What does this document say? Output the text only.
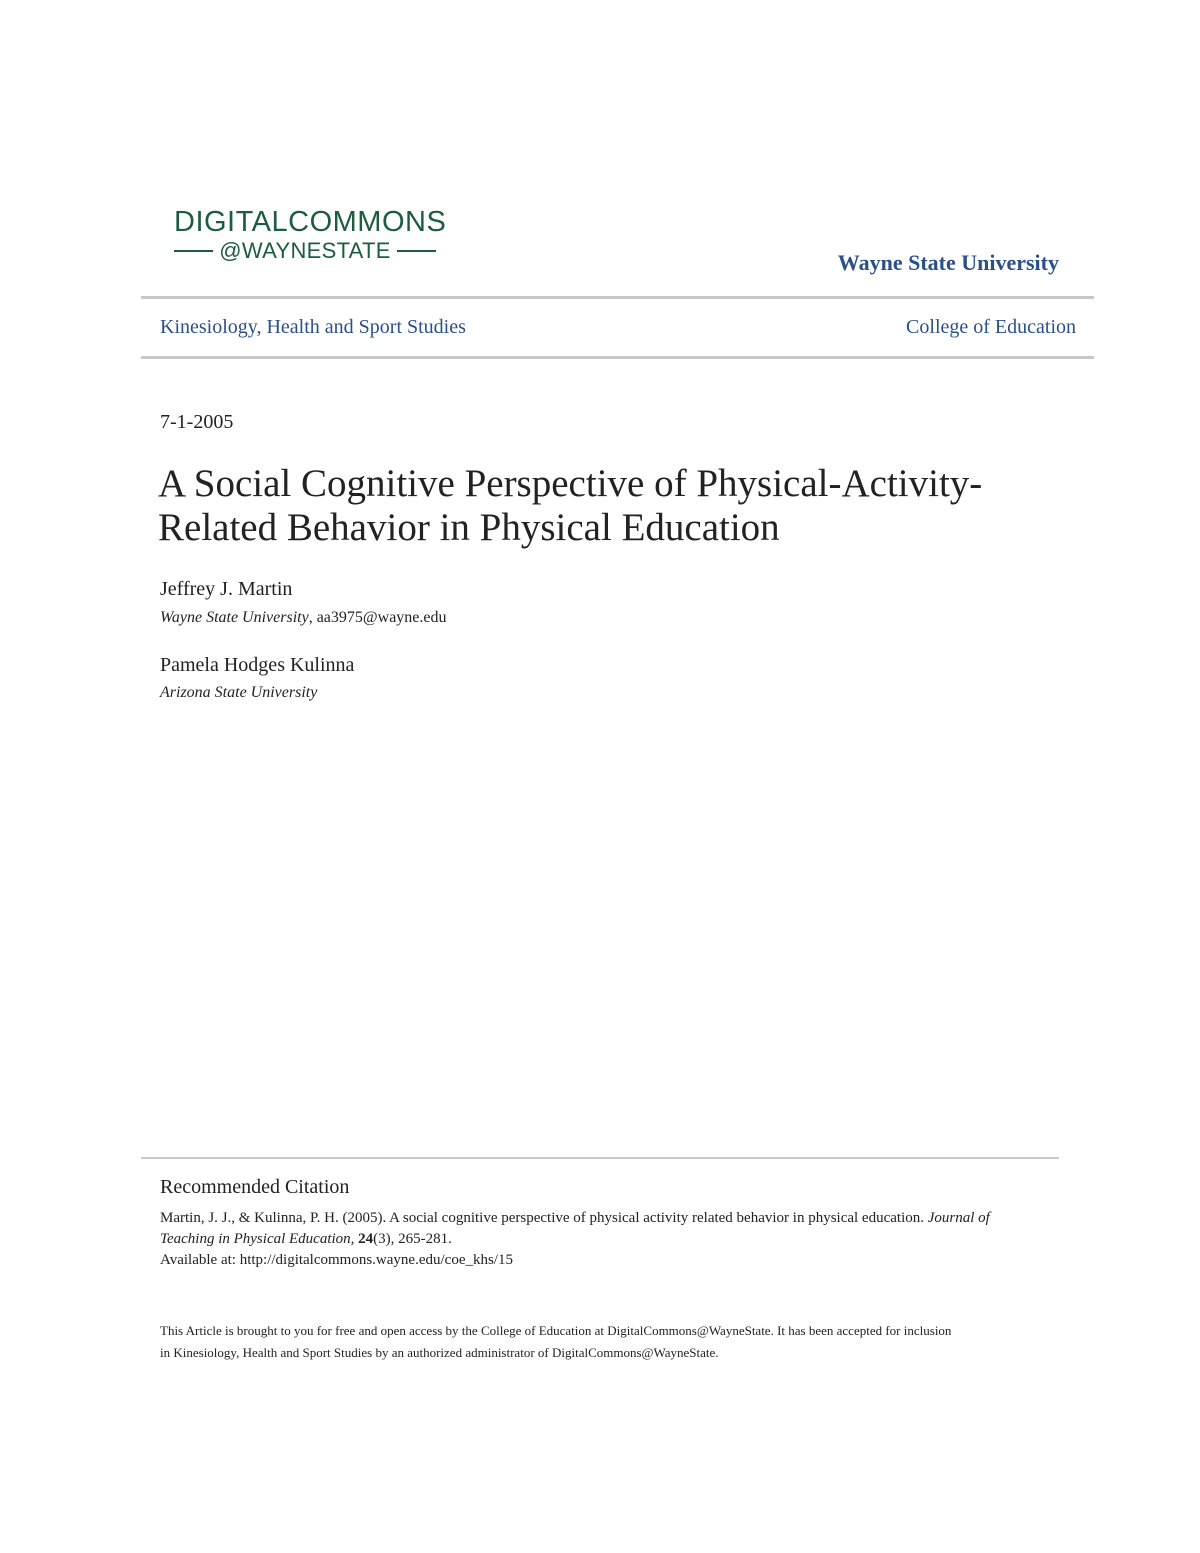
DIGITALCOMMONS
@WAYNESTATE	Wayne State University
Kinesiology, Health and Sport Studies	College of Education
7-1-2005
A Social Cognitive Perspective of Physical-Activity-
Related Behavior in Physical Education
Jeffrey J. Martin
Wayne State University, aa3975@wayne.edu
Pamela Hodges Kulinna
Arizona State University
Recommended Citation
Martin, J. J., & Kulinna, P. H. (2005). A social cognitive perspective of physical activity related behavior in physical education. Journal of Teaching in Physical Education, 24(3), 265-281.
Available at: http://digitalcommons.wayne.edu/coe_khs/15
This Article is brought to you for free and open access by the College of Education at DigitalCommons@WayneState. It has been accepted for inclusion
in Kinesiology, Health and Sport Studies by an authorized administrator of DigitalCommons@WayneState.
